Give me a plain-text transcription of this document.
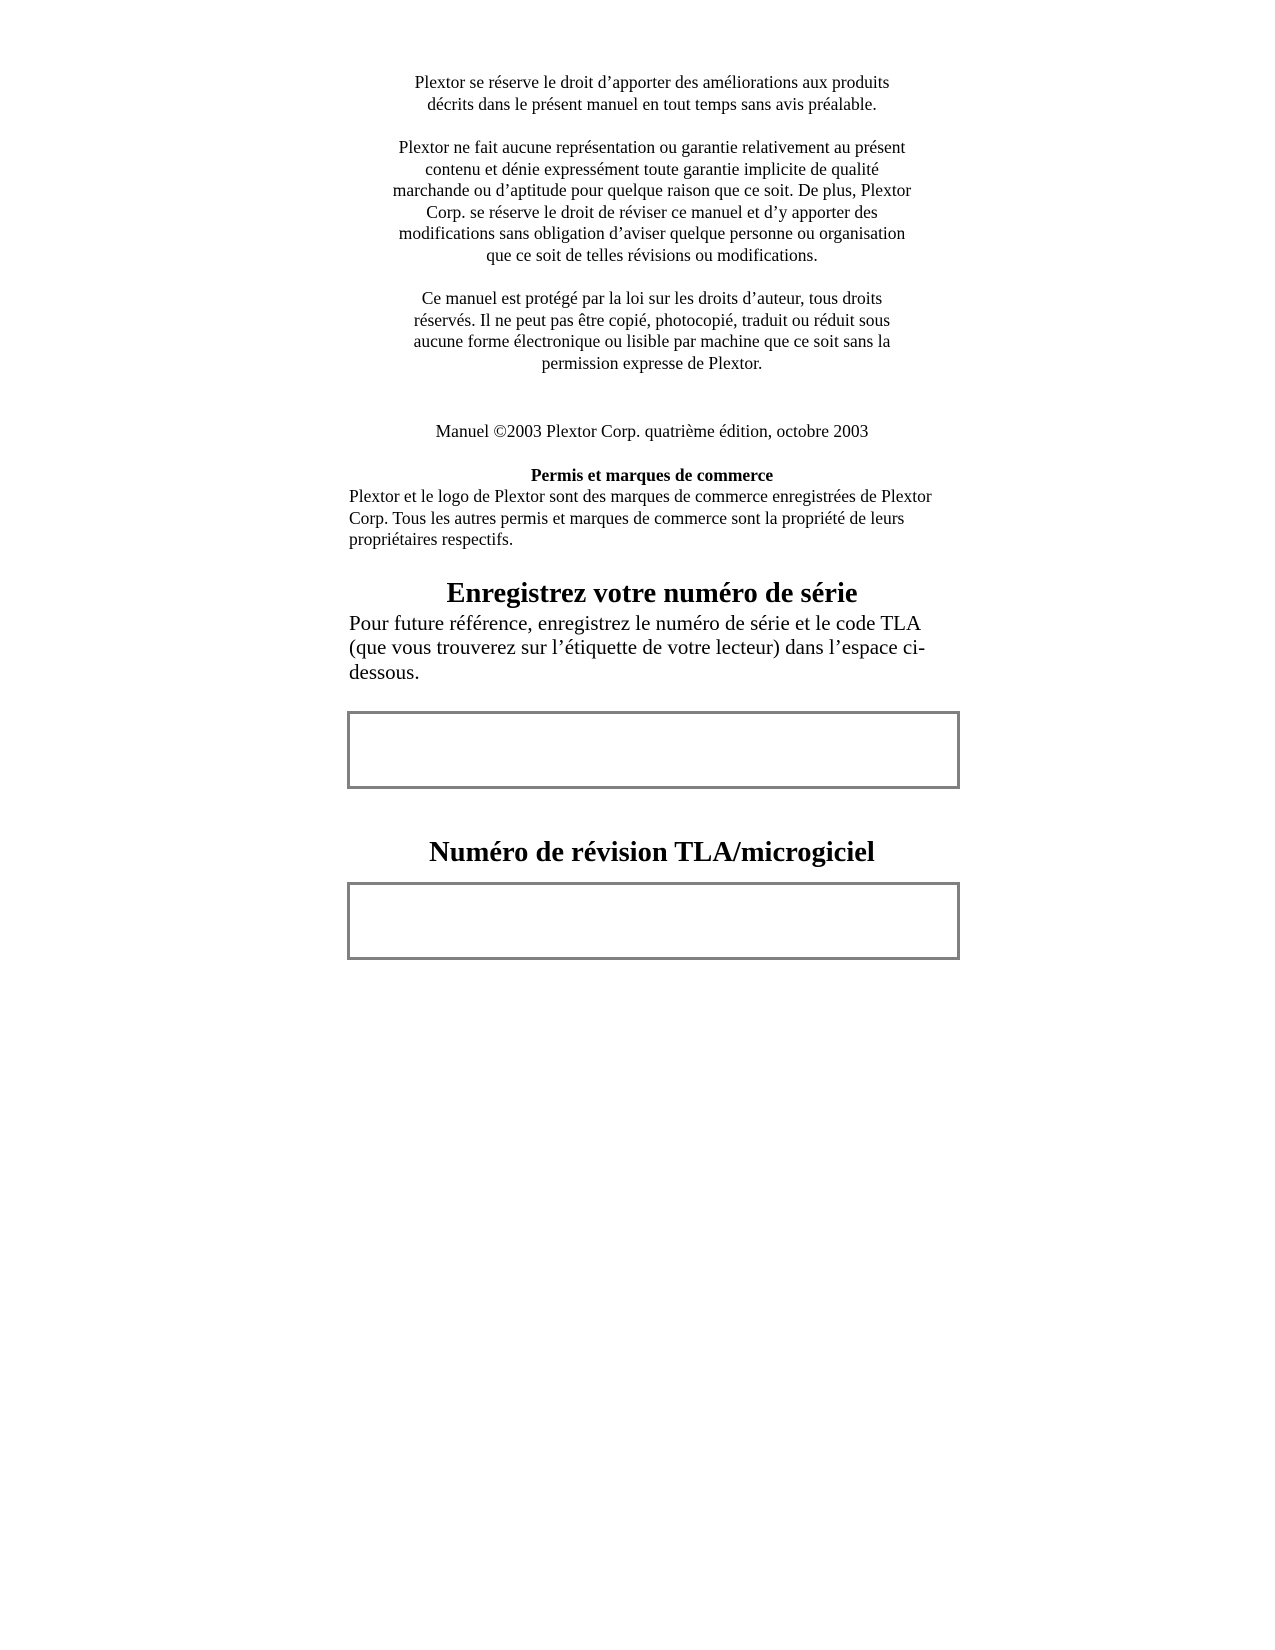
Plextor se réserve le droit d’apporter des améliorations aux produits décrits dans le présent manuel en tout temps sans avis préalable.

Plextor ne fait aucune représentation ou garantie relativement au présent contenu et dénie expressément toute garantie implicite de qualité marchande ou d’aptitude pour quelque raison que ce soit. De plus, Plextor Corp. se réserve le droit de réviser ce manuel et d’y apporter des modifications sans obligation d’aviser quelque personne ou organisation que ce soit de telles révisions ou modifications.

Ce manuel est protégé par la loi sur les droits d’auteur, tous droits réservés. Il ne peut pas être copié, photocopié, traduit ou réduit sous aucune forme électronique ou lisible par machine que ce soit sans la permission expresse de Plextor.

Manuel ©2003 Plextor Corp. quatrième édition, octobre 2003
Permis et marques de commerce

Plextor et le logo de Plextor sont des marques de commerce enregistrées de Plextor Corp. Tous les autres permis et marques de commerce sont la propriété de leurs propriétaires respectifs.

Enregistrez votre numéro de série

Pour future référence, enregistrez le numéro de série et le code TLA (que vous trouverez sur l’étiquette de votre lecteur) dans l’espace ci-dessous.

Numéro de révision TLA/microgiciel
